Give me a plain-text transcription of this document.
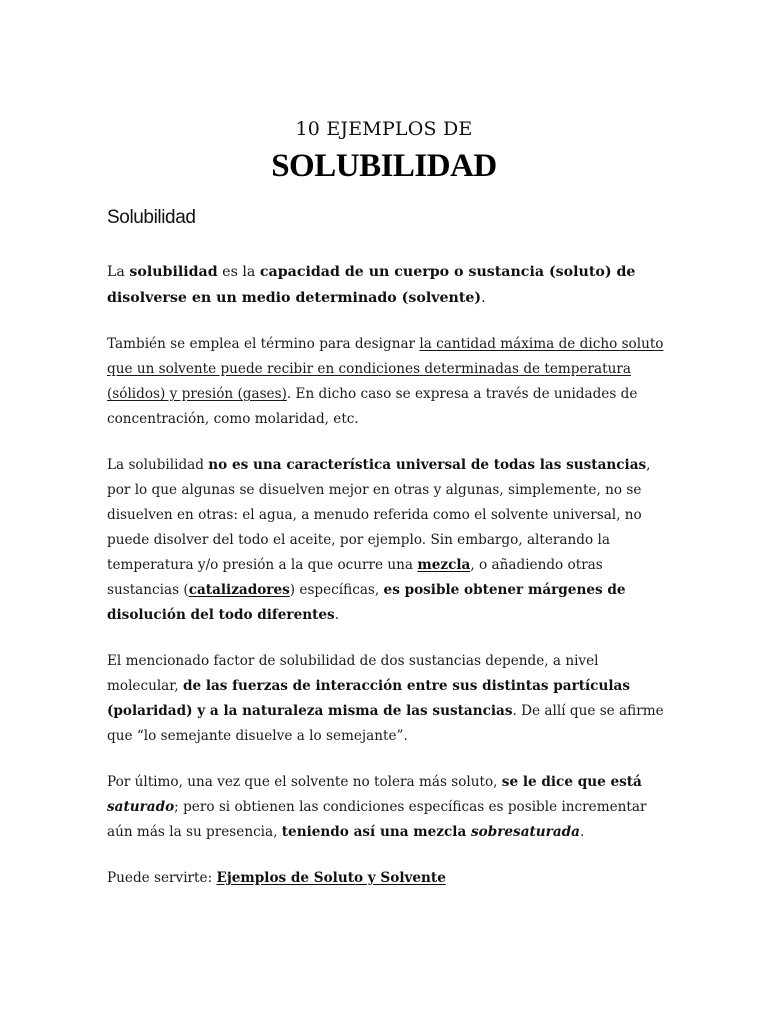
10 EJEMPLOS DE
SOLUBILIDAD
Solubilidad

La solubilidad es la capacidad de un cuerpo o sustancia (soluto) de disolverse en un medio determinado (solvente).

También se emplea el término para designar la cantidad máxima de dicho soluto que un solvente puede recibir en condiciones determinadas de temperatura (sólidos) y presión (gases). En dicho caso se expresa a través de unidades de concentración, como molaridad, etc.

La solubilidad no es una característica universal de todas las sustancias, por lo que algunas se disuelven mejor en otras y algunas, simplemente, no se disuelven en otras: el agua, a menudo referida como el solvente universal, no puede disolver del todo el aceite, por ejemplo. Sin embargo, alterando la temperatura y/o presión a la que ocurre una mezcla, o añadiendo otras sustancias (catalizadores) específicas, es posible obtener márgenes de disolución del todo diferentes.

El mencionado factor de solubilidad de dos sustancias depende, a nivel molecular, de las fuerzas de interacción entre sus distintas partículas (polaridad) y a la naturaleza misma de las sustancias. De allí que se afirme que “lo semejante disuelve a lo semejante”.

Por último, una vez que el solvente no tolera más soluto, se le dice que está saturado; pero si obtienen las condiciones específicas es posible incrementar aún más la su presencia, teniendo así una mezcla sobresaturada.

Puede servirte: Ejemplos de Soluto y Solvente
